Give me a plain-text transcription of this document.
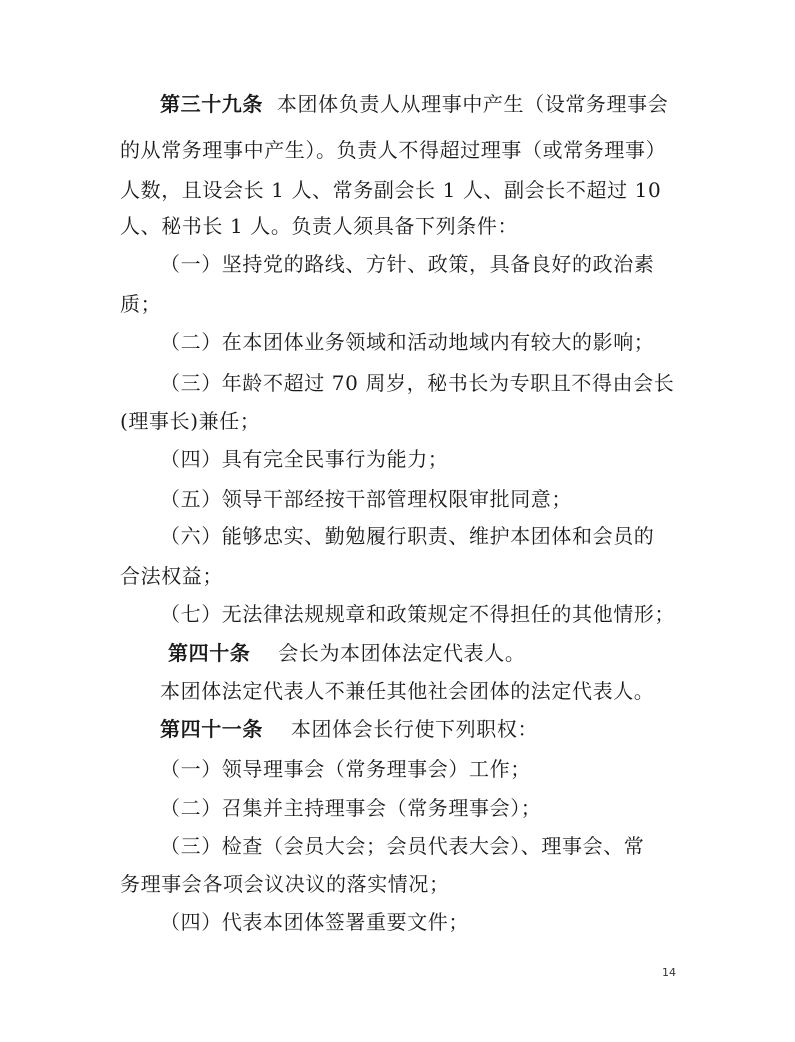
第三十九条 本团体负责人从理事中产生（设常务理事会
的从常务理事中产生）。负责人不得超过理事（或常务理事）
人数，且设会长 1 人、常务副会长 1 人、副会长不超过 10
人、秘书长 1 人。负责人须具备下列条件：
（一）坚持党的路线、方针、政策，具备良好的政治素
质；
（二）在本团体业务领域和活动地域内有较大的影响；
（三）年龄不超过 70 周岁，秘书长为专职且不得由会长
(理事长)兼任；
（四）具有完全民事行为能力；
（五）领导干部经按干部管理权限审批同意；
（六）能够忠实、勤勉履行职责、维护本团体和会员的
合法权益；
（七）无法律法规规章和政策规定不得担任的其他情形；
第四十条 会长为本团体法定代表人。
本团体法定代表人不兼任其他社会团体的法定代表人。
第四十一条 本团体会长行使下列职权：
（一）领导理事会（常务理事会）工作；
（二）召集并主持理事会（常务理事会）；
（三）检查（会员大会；会员代表大会）、理事会、常
务理事会各项会议决议的落实情况；
（四）代表本团体签署重要文件；
14
